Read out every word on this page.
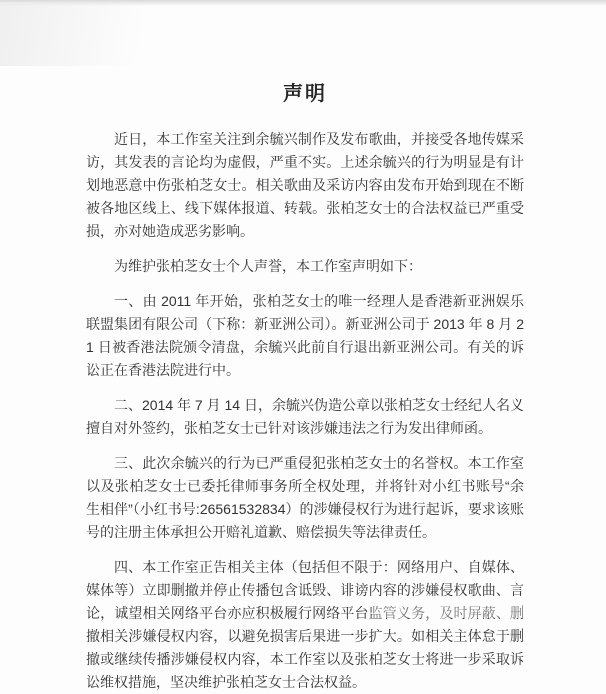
声明

近日，本工作室关注到余毓兴制作及发布歌曲，并接受各地传媒采访，其发表的言论均为虚假，严重不实。上述余毓兴的行为明显是有计划地恶意中伤张柏芝女士。相关歌曲及采访内容由发布开始到现在不断被各地区线上、线下媒体报道、转载。张柏芝女士的合法权益已严重受损，亦对她造成恶劣影响。

为维护张柏芝女士个人声誉，本工作室声明如下：

一、由 2011 年开始，张柏芝女士的唯一经理人是香港新亚洲娱乐联盟集团有限公司（下称：新亚洲公司）。新亚洲公司于 2013 年 8 月 21 日被香港法院颁令清盘，余毓兴此前自行退出新亚洲公司。有关的诉讼正在香港法院进行中。

二、2014 年 7 月 14 日，余毓兴伪造公章以张柏芝女士经纪人名义擅自对外签约，张柏芝女士已针对该涉嫌违法之行为发出律师函。

三、此次余毓兴的行为已严重侵犯张柏芝女士的名誉权。本工作室以及张柏芝女士已委托律师事务所全权处理，并将针对小红书账号“余生相伴”（小红书号:26561532834）的涉嫌侵权行为进行起诉，要求该账号的注册主体承担公开赔礼道歉、赔偿损失等法律责任。

四、本工作室正告相关主体（包括但不限于：网络用户、自媒体、媒体等）立即删撤并停止传播包含诋毁、诽谤内容的涉嫌侵权歌曲、言论，诚望相关网络平台亦应积极履行网络平台监管义务，及时屏蔽、删撤相关涉嫌侵权内容，以避免损害后果进一步扩大。如相关主体怠于删撤或继续传播涉嫌侵权内容，本工作室以及张柏芝女士将进一步采取诉讼维权措施，坚决维护张柏芝女士合法权益。
